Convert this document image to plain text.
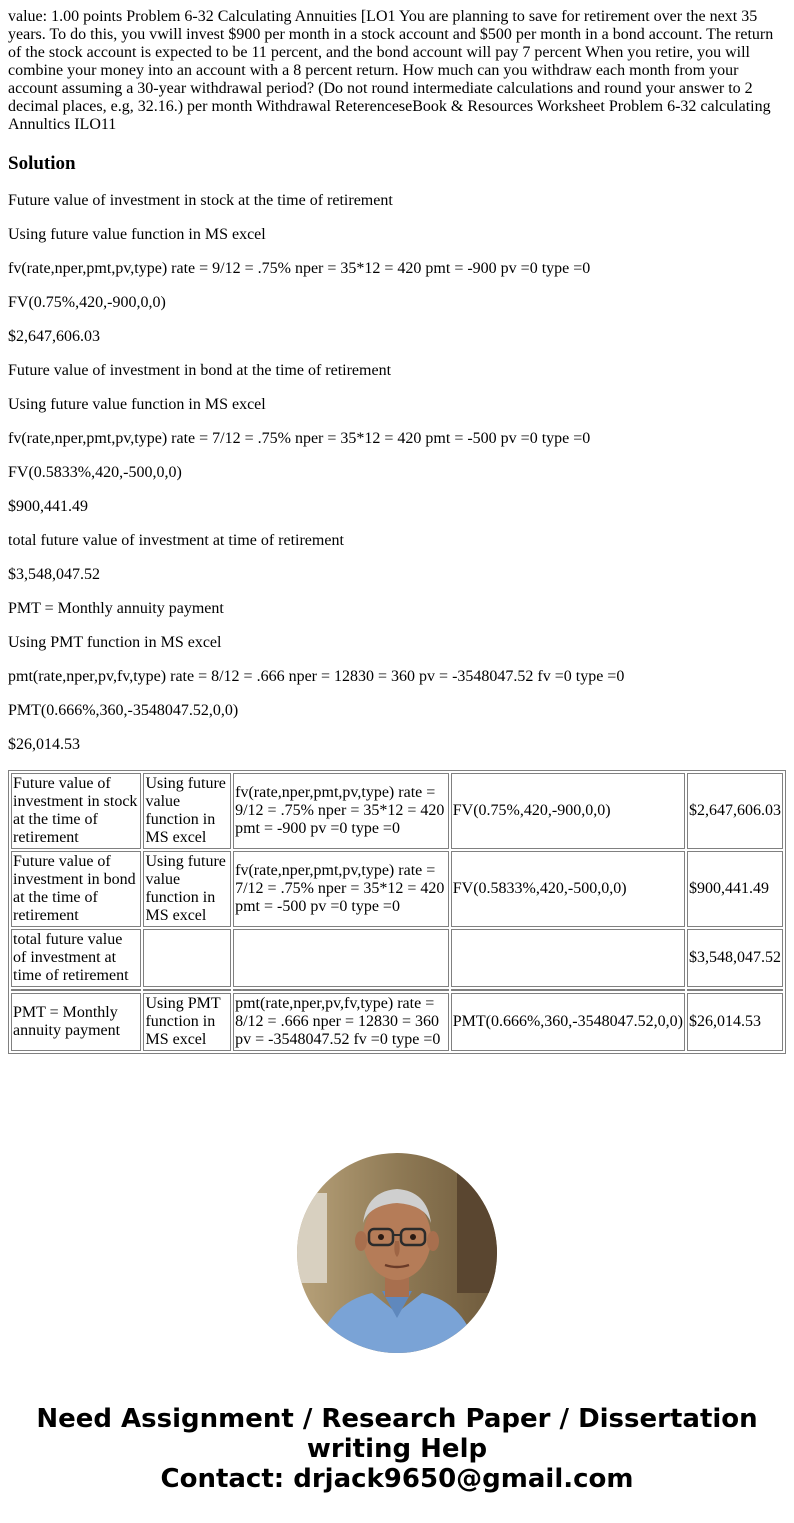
value: 1.00 points Problem 6-32 Calculating Annuities [LO1 You are planning to save for retirement over the next 35 years. To do this, you vwill invest $900 per month in a stock account and $500 per month in a bond account. The return of the stock account is expected to be 11 percent, and the bond account will pay 7 percent When you retire, you will combine your money into an account with a 8 percent return. How much can you withdraw each month from your account assuming a 30-year withdrawal period? (Do not round intermediate calculations and round your answer to 2 decimal places, e.g, 32.16.) per month Withdrawal ReterenceseBook & Resources Worksheet Problem 6-32 calculating Annultics ILO11
Solution

Future value of investment in stock at the time of retirement

Using future value function in MS excel

fv(rate,nper,pmt,pv,type) rate = 9/12 = .75% nper = 35*12 = 420 pmt = -900 pv =0 type =0

FV(0.75%,420,-900,0,0)

$2,647,606.03

Future value of investment in bond at the time of retirement

Using future value function in MS excel

fv(rate,nper,pmt,pv,type) rate = 7/12 = .75% nper = 35*12 = 420 pmt = -500 pv =0 type =0

FV(0.5833%,420,-500,0,0)

$900,441.49

total future value of investment at time of retirement

$3,548,047.52

PMT = Monthly annuity payment

Using PMT function in MS excel

pmt(rate,nper,pv,fv,type) rate = 8/12 = .666 nper = 12830 = 360 pv = -3548047.52 fv =0 type =0

PMT(0.666%,360,-3548047.52,0,0)

$26,014.53

Future value of investment in stock at the time of retirement	Using future value function in MS excel	fv(rate,nper,pmt,pv,type) rate = 9/12 = .75% nper = 35*12 = 420 pmt = -900 pv =0 type =0	FV(0.75%,420,-900,0,0)	$2,647,606.03
Future value of investment in bond at the time of retirement	Using future value function in MS excel	fv(rate,nper,pmt,pv,type) rate = 7/12 = .75% nper = 35*12 = 420 pmt = -500 pv =0 type =0	FV(0.5833%,420,-500,0,0)	$900,441.49
total future value of investment at time of retirement				$3,548,047.52

PMT = Monthly annuity payment	Using PMT function in MS excel	pmt(rate,nper,pv,fv,type) rate = 8/12 = .666 nper = 12830 = 360 pv = -3548047.52 fv =0 type =0	PMT(0.666%,360,-3548047.52,0,0)	$26,014.53
Need Assignment / Research Paper / Dissertation
writing Help
Contact: drjack9650@gmail.com
